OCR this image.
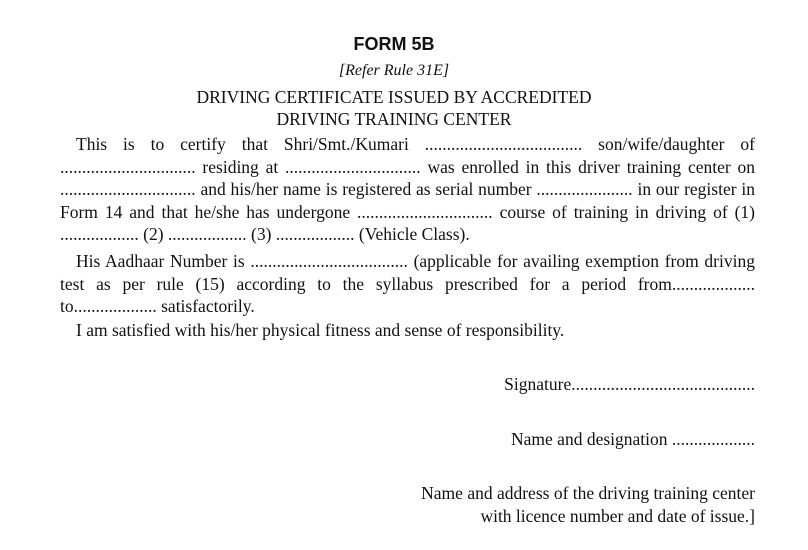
FORM 5B
[Refer Rule 31E]
DRIVING CERTIFICATE ISSUED BY ACCREDITED
DRIVING TRAINING CENTER

This is to certify that Shri/Smt./Kumari .................................... son/wife/daughter of ............................... residing at ............................... was enrolled in this driver training center on ............................... and his/her name is registered as serial number ...................... in our register in Form 14 and that he/she has undergone ............................... course of training in driving of (1) .................. (2) .................. (3) .................. (Vehicle Class).

His Aadhaar Number is .................................... (applicable for availing exemption from driving test as per rule (15) according to the syllabus prescribed for a period from................... to................... satisfactorily.

I am satisfied with his/her physical fitness and sense of responsibility.

Signature..........................................
Name and designation ...................
Name and address of the driving training center
with licence number and date of issue.]
